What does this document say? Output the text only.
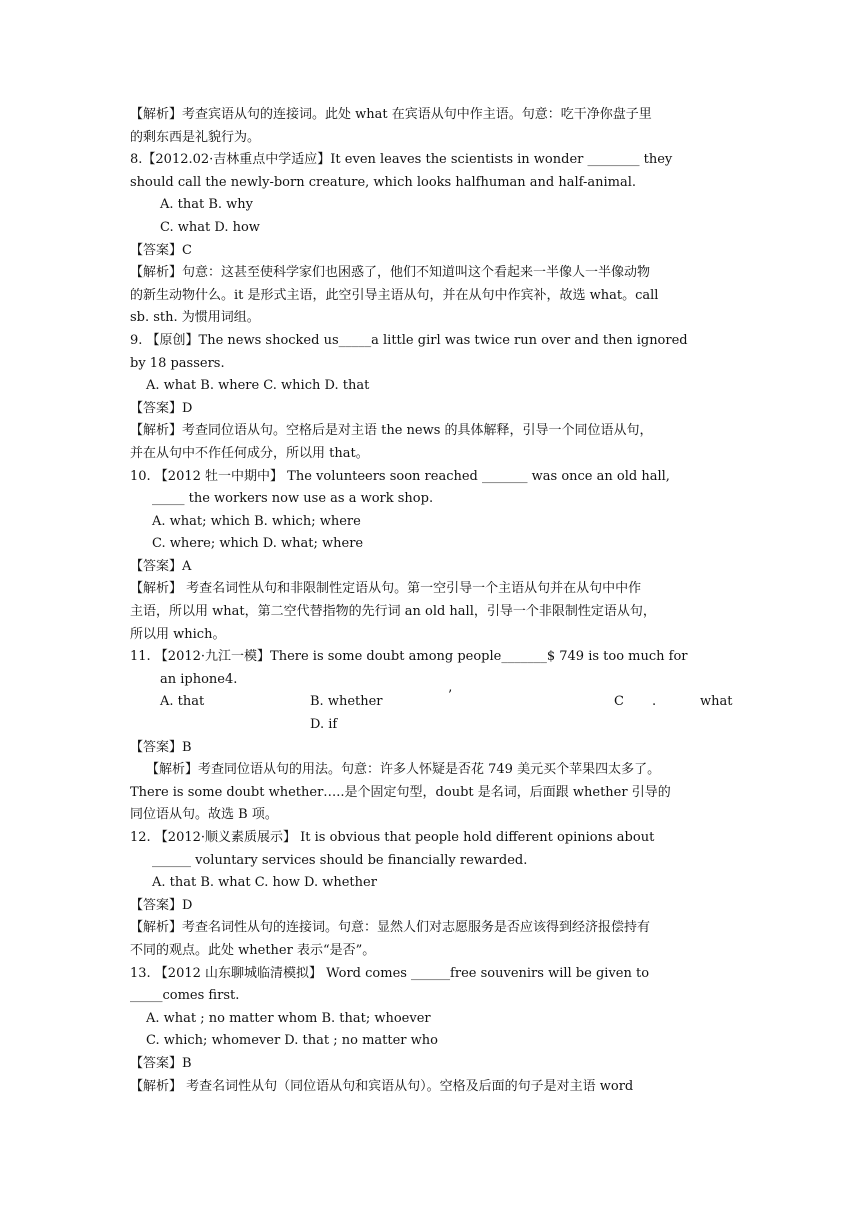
【解析】考查宾语从句的连接词。此处 what 在宾语从句中作主语。句意：吃干净你盘子里
的剩东西是礼貌行为。
8.【2012.02·吉林重点中学适应】It even leaves the scientists in wonder ________ they
should call the newly-born creature, which looks halfhuman and half-animal.
A. that B. why
C. what D. how
【答案】C
【解析】句意：这甚至使科学家们也困惑了，他们不知道叫这个看起来一半像人一半像动物
的新生动物什么。it 是形式主语，此空引导主语从句，并在从句中作宾补，故选 what。call
sb. sth. 为惯用词组。
9. 【原创】The news shocked us_____a little girl was twice run over and then ignored
by 18 passers.
A. what B. where C. which D. that
【答案】D
【解析】考查同位语从句。空格后是对主语 the news 的具体解释，引导一个同位语从句，
并在从句中不作任何成分，所以用 that。
10. 【2012 牡一中期中】 The volunteers soon reached _______ was once an old hall,
_____ the workers now use as a work shop.
A. what; which B. which; where
C. where; which D. what; where
【答案】A
【解析】 考查名词性从句和非限制性定语从句。第一空引导一个主语从句并在从句中中作
主语，所以用 what，第二空代替指物的先行词 an old hall，引导一个非限制性定语从句，
所以用 which。
11. 【2012·九江一模】There is some doubt among people_______$ 749 is too much for
an iphone4.
A. that	B. whether	’	C .	what
D. if
【答案】B
【解析】考查同位语从句的用法。句意：许多人怀疑是否花 749 美元买个苹果四太多了。
There is some doubt whether…..是个固定句型，doubt 是名词，后面跟 whether 引导的
同位语从句。故选 B 项。
12. 【2012·顺义素质展示】 It is obvious that people hold different opinions about
______ voluntary services should be financially rewarded.
A. that B. what C. how D. whether
【答案】D
【解析】考查名词性从句的连接词。句意：显然人们对志愿服务是否应该得到经济报偿持有
不同的观点。此处 whether 表示“是否”。
13. 【2012 山东聊城临清模拟】 Word comes ______free souvenirs will be given to
_____comes first.
A. what ; no matter whom B. that; whoever
C. which; whomever D. that ; no matter who
【答案】B
【解析】 考查名词性从句（同位语从句和宾语从句）。空格及后面的句子是对主语 word
